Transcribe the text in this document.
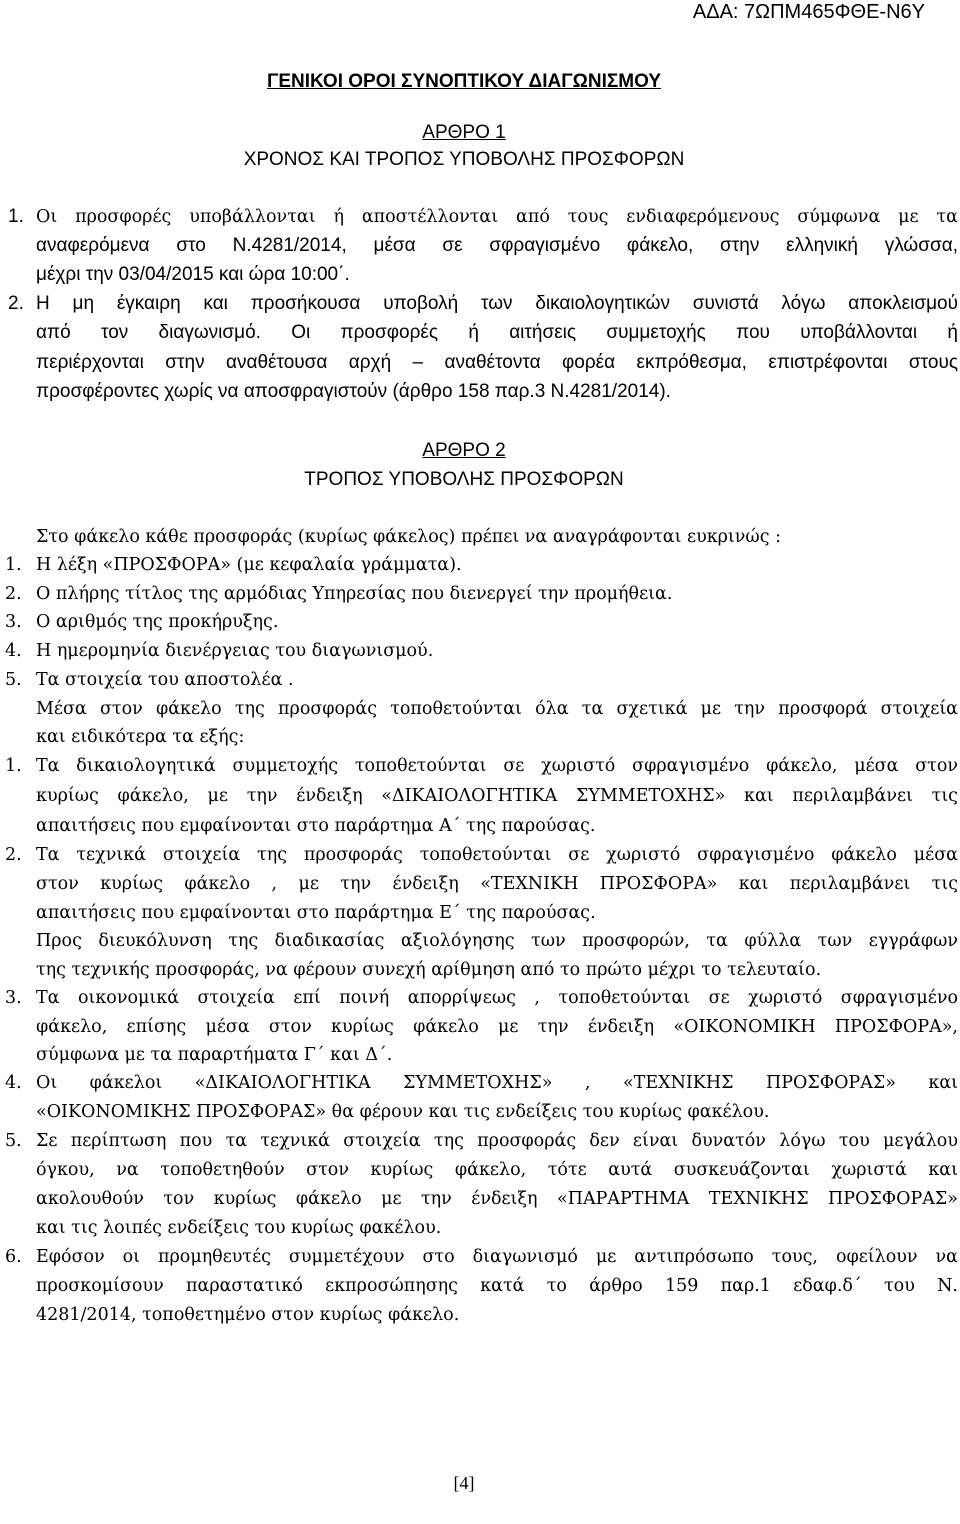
ΑΔΑ: 7ΩΠΜ465ΦΘΕ-Ν6Υ
ΓΕΝΙΚΟΙ ΟΡΟΙ ΣΥΝΟΠΤΙΚΟΥ ΔΙΑΓΩΝΙΣΜΟΥ
ΑΡΘΡΟ 1
ΧΡΟΝΟΣ ΚΑΙ ΤΡΟΠΟΣ ΥΠΟΒΟΛΗΣ ΠΡΟΣΦΟΡΩΝ
1. Οι προσφορές υποβάλλονται ή αποστέλλονται από τους ενδιαφερόμενους σύμφωνα με τα
αναφερόμενα στο Ν.4281/2014, μέσα σε σφραγισμένο φάκελο, στην ελληνική γλώσσα,
μέχρι την 03/04/2015 και ώρα 10:00΄.
2. Η μη έγκαιρη και προσήκουσα υποβολή των δικαιολογητικών συνιστά λόγω αποκλεισμού
από τον διαγωνισμό. Οι προσφορές ή αιτήσεις συμμετοχής που υποβάλλονται ή
περιέρχονται στην αναθέτουσα αρχή – αναθέτοντα φορέα εκπρόθεσμα, επιστρέφονται στους
προσφέροντες χωρίς να αποσφραγιστούν (άρθρο 158 παρ.3 Ν.4281/2014).
ΑΡΘΡΟ 2
ΤΡΟΠΟΣ ΥΠΟΒΟΛΗΣ ΠΡΟΣΦΟΡΩΝ
Στο φάκελο κάθε προσφοράς (κυρίως φάκελος) πρέπει να αναγράφονται ευκρινώς :
1. Η λέξη «ΠΡΟΣΦΟΡΑ» (με κεφαλαία γράμματα).
2. Ο πλήρης τίτλος της αρμόδιας Υπηρεσίας που διενεργεί την προμήθεια.
3. Ο αριθμός της προκήρυξης.
4. Η ημερομηνία διενέργειας του διαγωνισμού.
5. Τα στοιχεία του αποστολέα .
Μέσα στον φάκελο της προσφοράς τοποθετούνται όλα τα σχετικά με την προσφορά στοιχεία
και ειδικότερα τα εξής:
1. Τα δικαιολογητικά συμμετοχής τοποθετούνται σε χωριστό σφραγισμένο φάκελο, μέσα στον
κυρίως φάκελο, με την ένδειξη «ΔΙΚΑΙΟΛΟΓΗΤΙΚΑ ΣΥΜΜΕΤΟΧΗΣ» και περιλαμβάνει τις
απαιτήσεις που εμφαίνονται στο παράρτημα Α΄ της παρούσας.
2. Τα τεχνικά στοιχεία της προσφοράς τοποθετούνται σε χωριστό σφραγισμένο φάκελο μέσα
στον κυρίως φάκελο , με την ένδειξη «ΤΕΧΝΙΚΗ ΠΡΟΣΦΟΡΑ» και περιλαμβάνει τις
απαιτήσεις που εμφαίνονται στο παράρτημα Ε΄ της παρούσας.
Προς διευκόλυνση της διαδικασίας αξιολόγησης των προσφορών, τα φύλλα των εγγράφων
της τεχνικής προσφοράς, να φέρουν συνεχή αρίθμηση από το πρώτο μέχρι το τελευταίο.
3. Τα οικονομικά στοιχεία επί ποινή απορρίψεως , τοποθετούνται σε χωριστό σφραγισμένο
φάκελο, επίσης μέσα στον κυρίως φάκελο με την ένδειξη «ΟΙΚΟΝΟΜΙΚΗ ΠΡΟΣΦΟΡΑ»,
σύμφωνα με τα παραρτήματα Γ΄ και Δ΄.
4. Οι φάκελοι «ΔΙΚΑΙΟΛΟΓΗΤΙΚΑ ΣΥΜΜΕΤΟΧΗΣ» , «ΤΕΧΝΙΚΗΣ ΠΡΟΣΦΟΡΑΣ» και
«ΟΙΚΟΝΟΜΙΚΗΣ ΠΡΟΣΦΟΡΑΣ» θα φέρουν και τις ενδείξεις του κυρίως φακέλου.
5. Σε περίπτωση που τα τεχνικά στοιχεία της προσφοράς δεν είναι δυνατόν λόγω του μεγάλου
όγκου, να τοποθετηθούν στον κυρίως φάκελο, τότε αυτά συσκευάζονται χωριστά και
ακολουθούν τον κυρίως φάκελο με την ένδειξη «ΠΑΡΑΡΤΗΜΑ ΤΕΧΝΙΚΗΣ ΠΡΟΣΦΟΡΑΣ»
και τις λοιπές ενδείξεις του κυρίως φακέλου.
6. Εφόσον οι προμηθευτές συμμετέχουν στο διαγωνισμό με αντιπρόσωπο τους, οφείλουν να
προσκομίσουν παραστατικό εκπροσώπησης κατά το άρθρο 159 παρ.1 εδαφ.δ΄ του Ν.
4281/2014, τοποθετημένο στον κυρίως φάκελο.
[4]
